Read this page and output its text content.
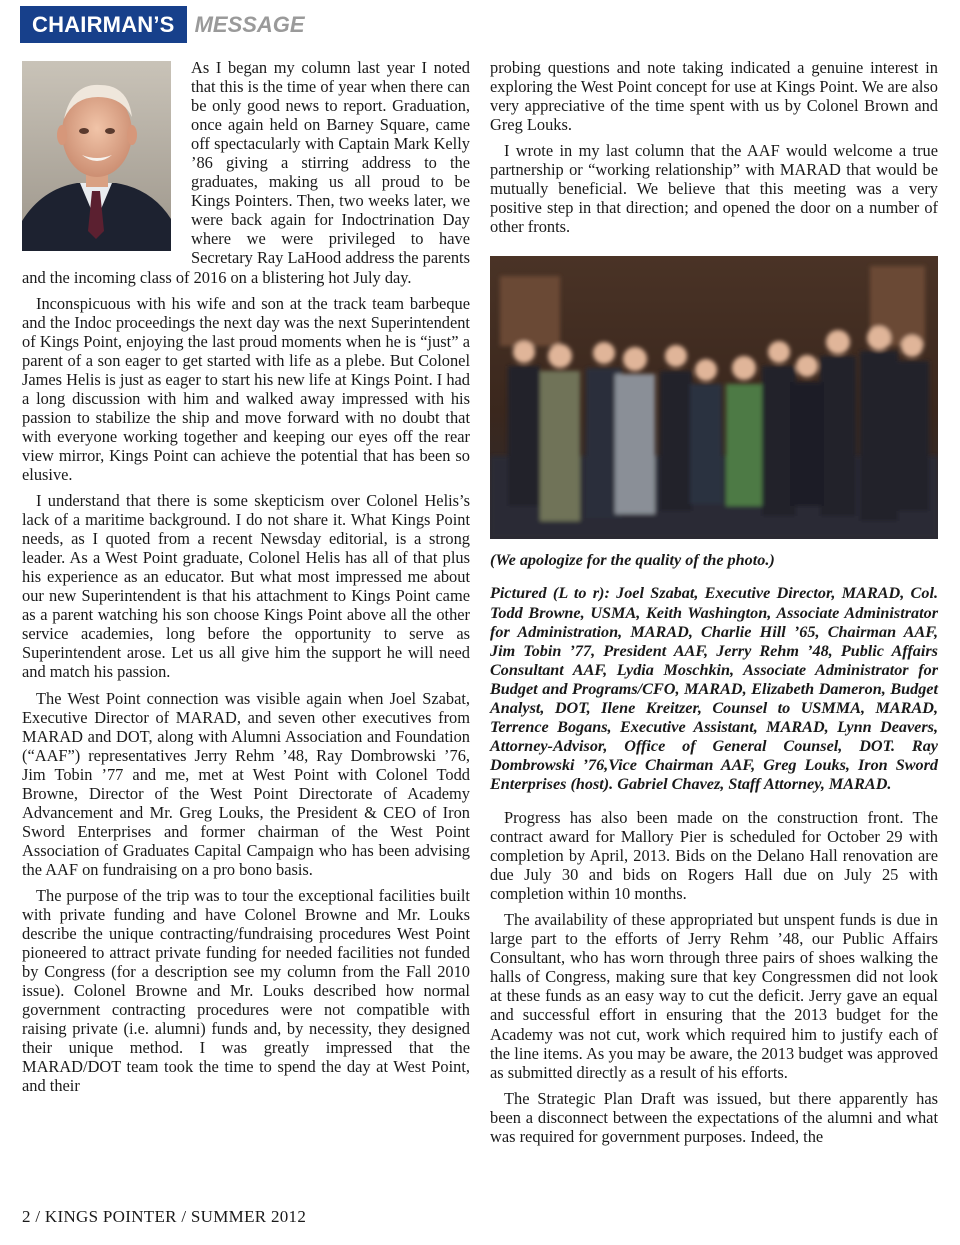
CHAIRMAN’S MESSAGE

As I began my column last year I noted that this is the time of year when there can be only good news to report. Graduation, once again held on Barney Square, came off spectacularly with Captain Mark Kelly ’86 giving a stirring address to the graduates, making us all proud to be Kings Pointers. Then, two weeks later, we were back again for Indoctrination Day where we were privileged to have Secretary Ray LaHood address the parents and the incoming class of 2016 on a blistering hot July day.

Inconspicuous with his wife and son at the track team barbeque and the Indoc proceedings the next day was the next Superintendent of Kings Point, enjoying the last proud moments when he is “just” a parent of a son eager to get started with life as a plebe. But Colonel James Helis is just as eager to start his new life at Kings Point. I had a long discussion with him and walked away impressed with his passion to stabilize the ship and move forward with no doubt that with everyone working together and keeping our eyes off the rear view mirror, Kings Point can achieve the potential that has been so elusive.

I understand that there is some skepticism over Colonel Helis’s lack of a maritime background. I do not share it. What Kings Point needs, as I quoted from a recent Newsday editorial, is a strong leader. As a West Point graduate, Colonel Helis has all of that plus his experience as an educator. But what most impressed me about our new Superintendent is that his attachment to Kings Point came as a parent watching his son choose Kings Point above all the other service academies, long before the opportunity to serve as Superintendent arose. Let us all give him the support he will need and match his passion.

The West Point connection was visible again when Joel Szabat, Executive Director of MARAD, and seven other executives from MARAD and DOT, along with Alumni Association and Foundation (“AAF”) representatives Jerry Rehm ’48, Ray Dombrowski ’76, Jim Tobin ’77 and me, met at West Point with Colonel Todd Browne, Director of the West Point Directorate of Academy Advancement and Mr. Greg Louks, the President & CEO of Iron Sword Enterprises and former chairman of the West Point Association of Graduates Capital Campaign who has been advising the AAF on fundraising on a pro bono basis.

The purpose of the trip was to tour the exceptional facilities built with private funding and have Colonel Browne and Mr. Louks describe the unique contracting/fundraising procedures West Point pioneered to attract private funding for needed facilities not funded by Congress (for a description see my column from the Fall 2010 issue). Colonel Browne and Mr. Louks described how normal government contracting procedures were not compatible with raising private (i.e. alumni) funds and, by necessity, they designed their unique method. I was greatly impressed that the MARAD/DOT team took the time to spend the day at West Point, and their

probing questions and note taking indicated a genuine interest in exploring the West Point concept for use at Kings Point. We are also very appreciative of the time spent with us by Colonel Brown and Greg Louks.

I wrote in my last column that the AAF would welcome a true partnership or “working relationship” with MARAD that would be mutually beneficial. We believe that this meeting was a very positive step in that direction; and opened the door on a number of other fronts.

(We apologize for the quality of the photo.)

Pictured (L to r): Joel Szabat, Executive Director, MARAD, Col. Todd Browne, USMA, Keith Washington, Associate Administrator for Administration, MARAD, Charlie Hill ’65, Chairman AAF, Jim Tobin ’77, President AAF, Jerry Rehm ’48, Public Affairs Consultant AAF, Lydia Moschkin, Associate Administrator for Budget and Programs/CFO, MARAD, Elizabeth Dameron, Budget Analyst, DOT, Ilene Kreitzer, Counsel to USMMA, MARAD, Terrence Bogans, Executive Assistant, MARAD, Lynn Deavers, Attorney-Advisor, Office of General Counsel, DOT. Ray Dombrowski ’76,Vice Chairman AAF, Greg Louks, Iron Sword Enterprises (host). Gabriel Chavez, Staff Attorney, MARAD.

Progress has also been made on the construction front. The contract award for Mallory Pier is scheduled for October 29 with completion by April, 2013. Bids on the Delano Hall renovation are due July 30 and bids on Rogers Hall due on July 25 with completion within 10 months.

The availability of these appropriated but unspent funds is due in large part to the efforts of Jerry Rehm ’48, our Public Affairs Consultant, who has worn through three pairs of shoes walking the halls of Congress, making sure that key Congressmen did not look at these funds as an easy way to cut the deficit. Jerry gave an equal and successful effort in ensuring that the 2013 budget for the Academy was not cut, work which required him to justify each of the line items. As you may be aware, the 2013 budget was approved as submitted directly as a result of his efforts.

The Strategic Plan Draft was issued, but there apparently has been a disconnect between the expectations of the alumni and what was required for government purposes. Indeed, the

2 / KINGS POINTER / SUMMER 2012
